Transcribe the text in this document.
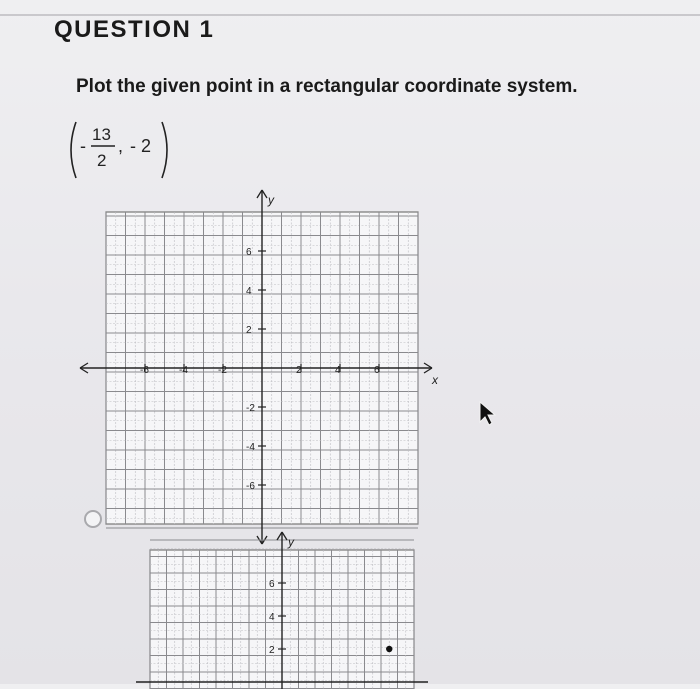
QUESTION 1
Plot the given point in a rectangular coordinate system.
-
13
2
, - 2
x
y
-6	-4	-2	2	4	6
6
4
2
-2
-4
-6
y
6
4
2
